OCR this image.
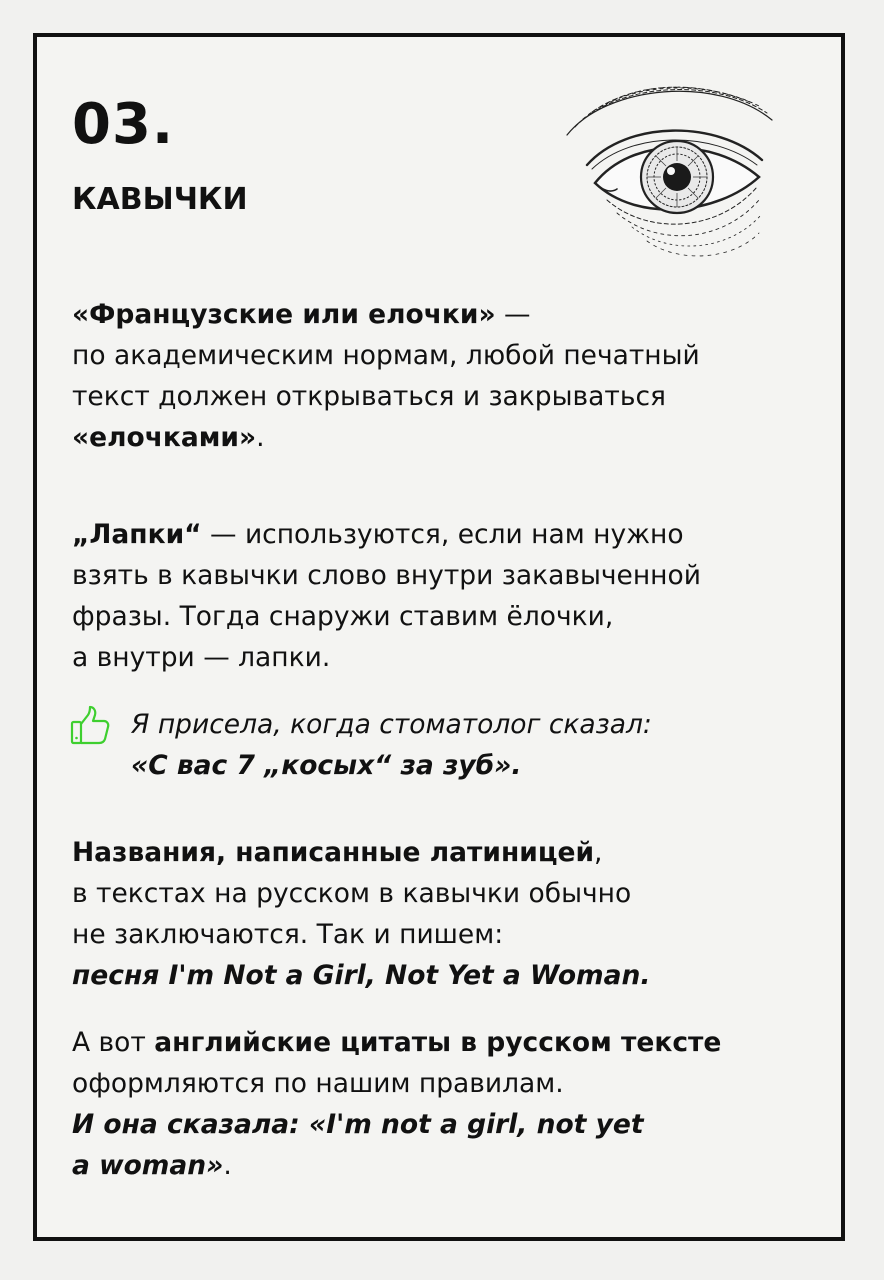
03.
КАВЫЧКИ
«Французские или елочки» —
по академическим нормам, любой печатный
текст должен открываться и закрываться
«елочками».
„Лапки“ — используются, если нам нужно
взять в кавычки слово внутри закавыченной
фразы. Тогда снаружи ставим ёлочки,
а внутри — лапки.
Я присела, когда стоматолог сказал:
«С вас 7 „косых“ за зуб».
Названия, написанные латиницей,
в текстах на русском в кавычки обычно
не заключаются. Так и пишем:
песня I'm Not a Girl, Not Yet a Woman.
А вот английские цитаты в русском тексте
оформляются по нашим правилам.
И она сказала: «I'm not a girl, not yet
a woman».
